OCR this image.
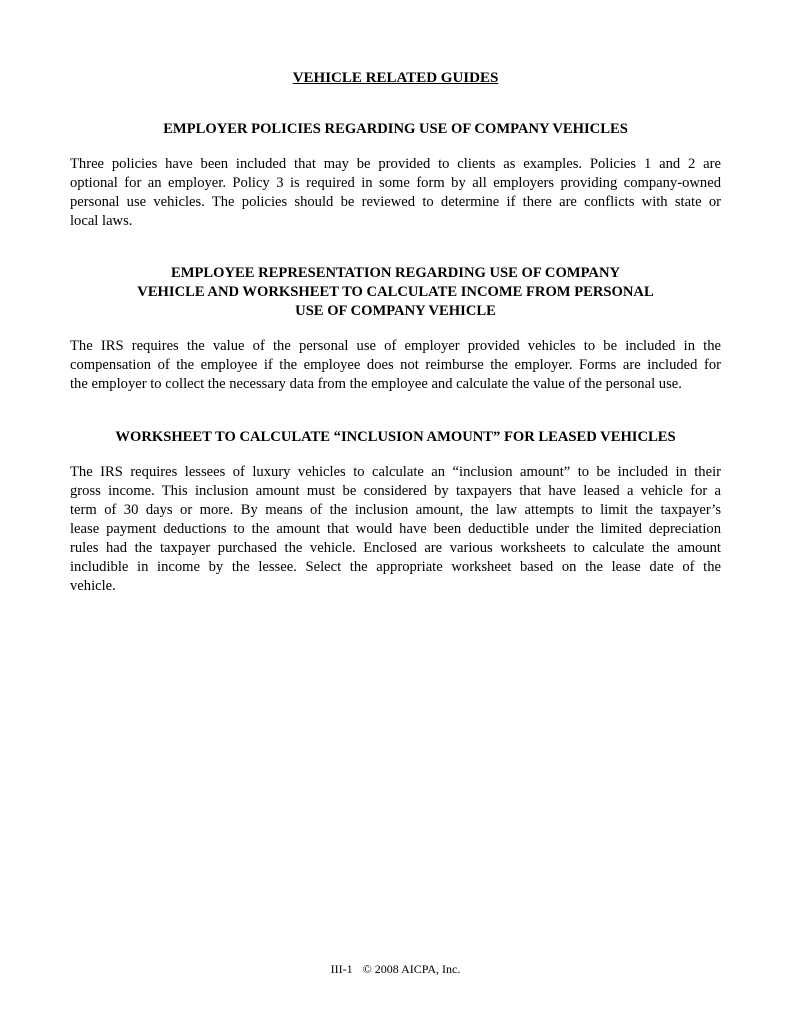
VEHICLE RELATED GUIDES
EMPLOYER POLICIES REGARDING USE OF COMPANY VEHICLES
Three policies have been included that may be provided to clients as examples. Policies 1 and 2 are
optional for an employer. Policy 3 is required in some form by all employers providing company-owned
personal use vehicles. The policies should be reviewed to determine if there are conflicts with state or
local laws.
EMPLOYEE REPRESENTATION REGARDING USE OF COMPANY
VEHICLE AND WORKSHEET TO CALCULATE INCOME FROM PERSONAL
USE OF COMPANY VEHICLE
The IRS requires the value of the personal use of employer provided vehicles to be included in the
compensation of the employee if the employee does not reimburse the employer. Forms are included for
the employer to collect the necessary data from the employee and calculate the value of the personal use.
WORKSHEET TO CALCULATE “INCLUSION AMOUNT” FOR LEASED VEHICLES
The IRS requires lessees of luxury vehicles to calculate an “inclusion amount” to be included in their
gross income. This inclusion amount must be considered by taxpayers that have leased a vehicle for a
term of 30 days or more. By means of the inclusion amount, the law attempts to limit the taxpayer’s
lease payment deductions to the amount that would have been deductible under the limited depreciation
rules had the taxpayer purchased the vehicle. Enclosed are various worksheets to calculate the amount
includible in income by the lessee. Select the appropriate worksheet based on the lease date of the
vehicle.
III-1 © 2008 AICPA, Inc.
